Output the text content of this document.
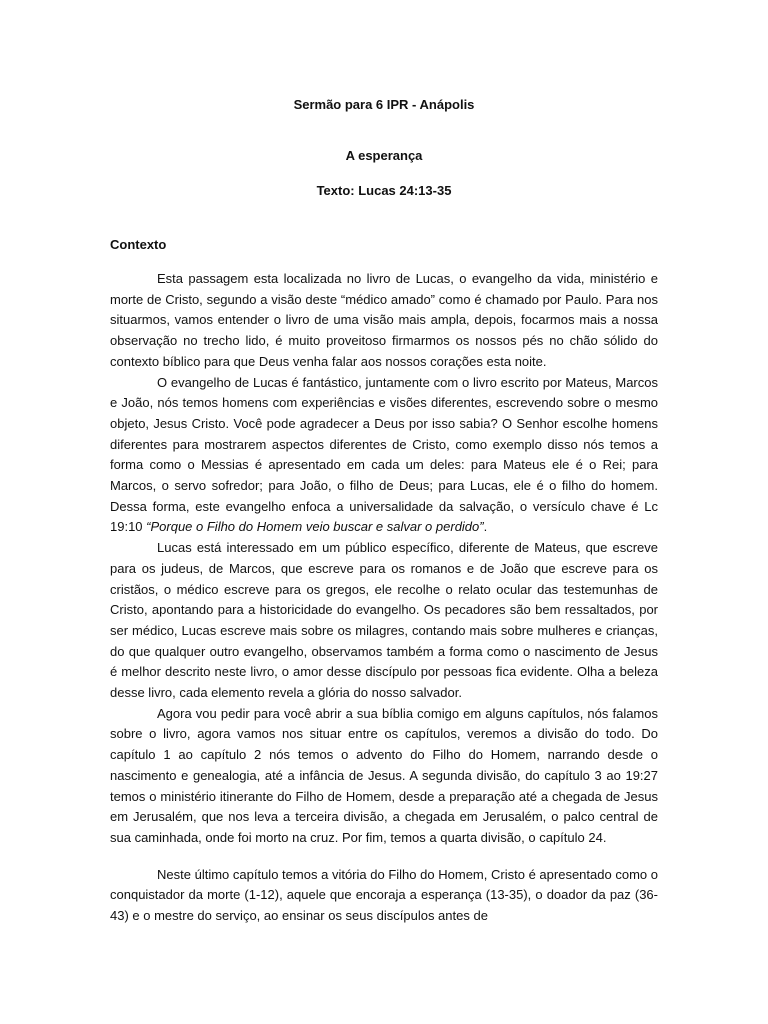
Sermão para 6 IPR - Anápolis
A esperança
Texto: Lucas 24:13-35
Contexto

Esta passagem esta localizada no livro de Lucas, o evangelho da vida, ministério e morte de Cristo, segundo a visão deste “médico amado” como é chamado por Paulo. Para nos situarmos, vamos entender o livro de uma visão mais ampla, depois, focarmos mais a nossa observação no trecho lido, é muito proveitoso firmarmos os nossos pés no chão sólido do contexto bíblico para que Deus venha falar aos nossos corações esta noite.

O evangelho de Lucas é fantástico, juntamente com o livro escrito por Mateus, Marcos e João, nós temos homens com experiências e visões diferentes, escrevendo sobre o mesmo objeto, Jesus Cristo. Você pode agradecer a Deus por isso sabia? O Senhor escolhe homens diferentes para mostrarem aspectos diferentes de Cristo, como exemplo disso nós temos a forma como o Messias é apresentado em cada um deles: para Mateus ele é o Rei; para Marcos, o servo sofredor; para João, o filho de Deus; para Lucas, ele é o filho do homem. Dessa forma, este evangelho enfoca a universalidade da salvação, o versículo chave é Lc 19:10 “Porque o Filho do Homem veio buscar e salvar o perdido”.

Lucas está interessado em um público específico, diferente de Mateus, que escreve para os judeus, de Marcos, que escreve para os romanos e de João que escreve para os cristãos, o médico escreve para os gregos, ele recolhe o relato ocular das testemunhas de Cristo, apontando para a historicidade do evangelho. Os pecadores são bem ressaltados, por ser médico, Lucas escreve mais sobre os milagres, contando mais sobre mulheres e crianças, do que qualquer outro evangelho, observamos também a forma como o nascimento de Jesus é melhor descrito neste livro, o amor desse discípulo por pessoas fica evidente. Olha a beleza desse livro, cada elemento revela a glória do nosso salvador.

Agora vou pedir para você abrir a sua bíblia comigo em alguns capítulos, nós falamos sobre o livro, agora vamos nos situar entre os capítulos, veremos a divisão do todo. Do capítulo 1 ao capítulo 2 nós temos o advento do Filho do Homem, narrando desde o nascimento e genealogia, até a infância de Jesus. A segunda divisão, do capítulo 3 ao 19:27 temos o ministério itinerante do Filho de Homem, desde a preparação até a chegada de Jesus em Jerusalém, que nos leva a terceira divisão, a chegada em Jerusalém, o palco central de sua caminhada, onde foi morto na cruz. Por fim, temos a quarta divisão, o capítulo 24.

Neste último capítulo temos a vitória do Filho do Homem, Cristo é apresentado como o conquistador da morte (1-12), aquele que encoraja a esperança (13-35), o doador da paz (36-43) e o mestre do serviço, ao ensinar os seus discípulos antes de
